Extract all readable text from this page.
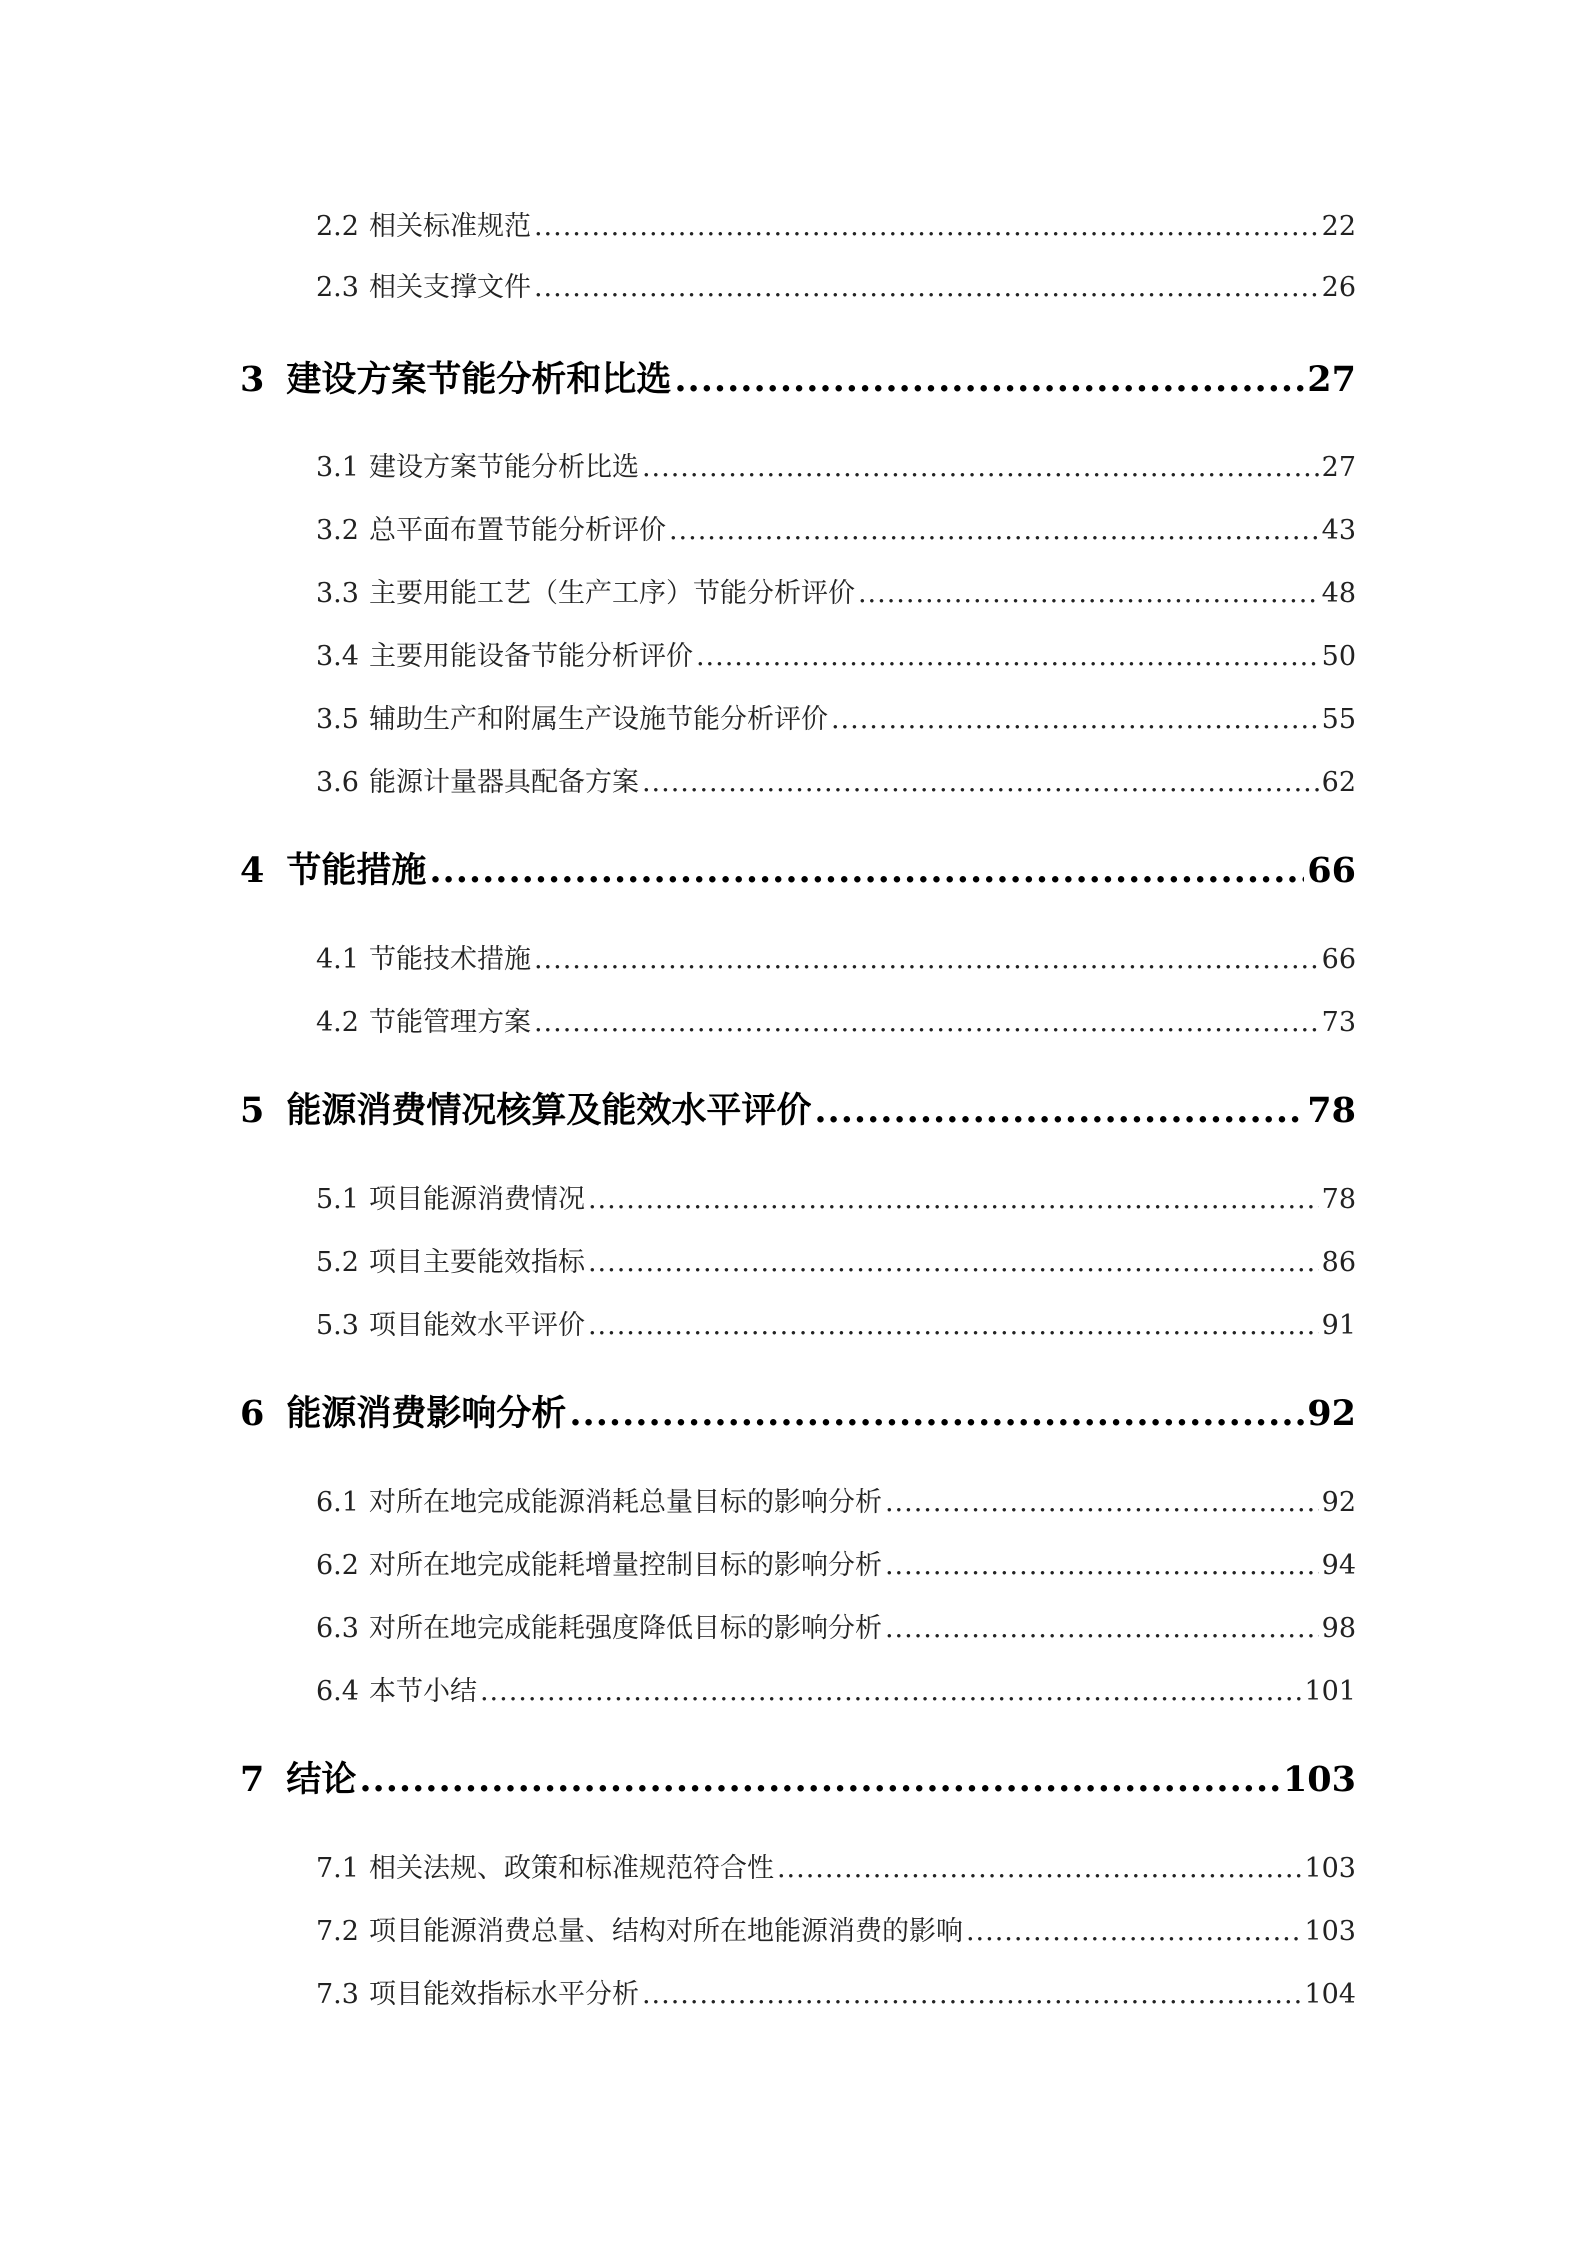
2.2 相关标准规范 .....	22
2.3 相关支撑文件 .....	26
3 建设方案节能分析和比选 .....	27
3.1 建设方案节能分析比选 .....	27
3.2 总平面布置节能分析评价 .....	43
3.3 主要用能工艺（生产工序）节能分析评价 .....	48
3.4 主要用能设备节能分析评价 .....	50
3.5 辅助生产和附属生产设施节能分析评价 .....	55
3.6 能源计量器具配备方案 .....	62
4 节能措施 .....	66
4.1 节能技术措施 .....	66
4.2 节能管理方案 .....	73
5 能源消费情况核算及能效水平评价 .....	78
5.1 项目能源消费情况 .....	78
5.2 项目主要能效指标 .....	86
5.3 项目能效水平评价 .....	91
6 能源消费影响分析 .....	92
6.1 对所在地完成能源消耗总量目标的影响分析 .....	92
6.2 对所在地完成能耗增量控制目标的影响分析 .....	94
6.3 对所在地完成能耗强度降低目标的影响分析 .....	98
6.4 本节小结 .....	101
7 结论 .....	103
7.1 相关法规、政策和标准规范符合性 .....	103
7.2 项目能源消费总量、结构对所在地能源消费的影响 .....	103
7.3 项目能效指标水平分析 .....	104
